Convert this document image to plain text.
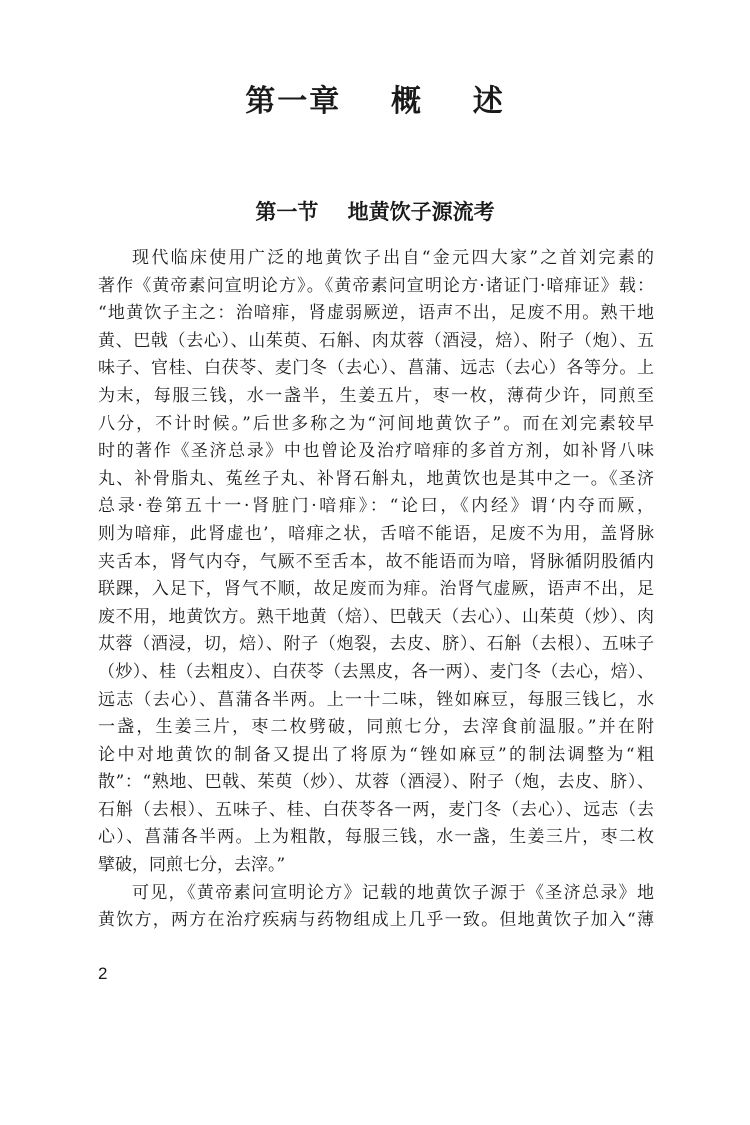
第一章    概    述
第一节    地黄饮子源流考
现代临床使用广泛的地黄饮子出自“金元四大家”之首刘完素的
著作《黄帝素问宣明论方》。《黄帝素问宣明论方·诸证门·喑痱证》载：
“地黄饮子主之：治喑痱，肾虚弱厥逆，语声不出，足废不用。熟干地
黄、巴戟（去心）、山茱萸、石斛、肉苁蓉（酒浸，焙）、附子（炮）、五
味子、官桂、白茯苓、麦门冬（去心）、菖蒲、远志（去心）各等分。上
为末，每服三钱，水一盏半，生姜五片，枣一枚，薄荷少许，同煎至
八分，不计时候。”后世多称之为“河间地黄饮子”。而在刘完素较早
时的著作《圣济总录》中也曾论及治疗喑痱的多首方剂，如补肾八味
丸、补骨脂丸、菟丝子丸、补肾石斛丸，地黄饮也是其中之一。《圣济
总录·卷第五十一·肾脏门·喑痱》：“论曰，《内经》谓‘内夺而厥，
则为喑痱，此肾虚也’，喑痱之状，舌喑不能语，足废不为用，盖肾脉
夹舌本，肾气内夺，气厥不至舌本，故不能语而为喑，肾脉循阴股循内
联踝，入足下，肾气不顺，故足废而为痱。治肾气虚厥，语声不出，足
废不用，地黄饮方。熟干地黄（焙）、巴戟天（去心）、山茱萸（炒）、肉
苁蓉（酒浸，切，焙）、附子（炮裂，去皮、脐）、石斛（去根）、五味子
（炒）、桂（去粗皮）、白茯苓（去黑皮，各一两）、麦门冬（去心，焙）、
远志（去心）、菖蒲各半两。上一十二味，锉如麻豆，每服三钱匕，水
一盏，生姜三片，枣二枚劈破，同煎七分，去滓食前温服。”并在附
论中对地黄饮的制备又提出了将原为“锉如麻豆”的制法调整为“粗
散”：“熟地、巴戟、茱萸（炒）、苁蓉（酒浸）、附子（炮，去皮、脐）、
石斛（去根）、五味子、桂、白茯苓各一两，麦门冬（去心）、远志（去
心）、菖蒲各半两。上为粗散，每服三钱，水一盏，生姜三片，枣二枚
擘破，同煎七分，去滓。”
可见，《黄帝素问宣明论方》记载的地黄饮子源于《圣济总录》地
黄饮方，两方在治疗疾病与药物组成上几乎一致。但地黄饮子加入“薄
2
